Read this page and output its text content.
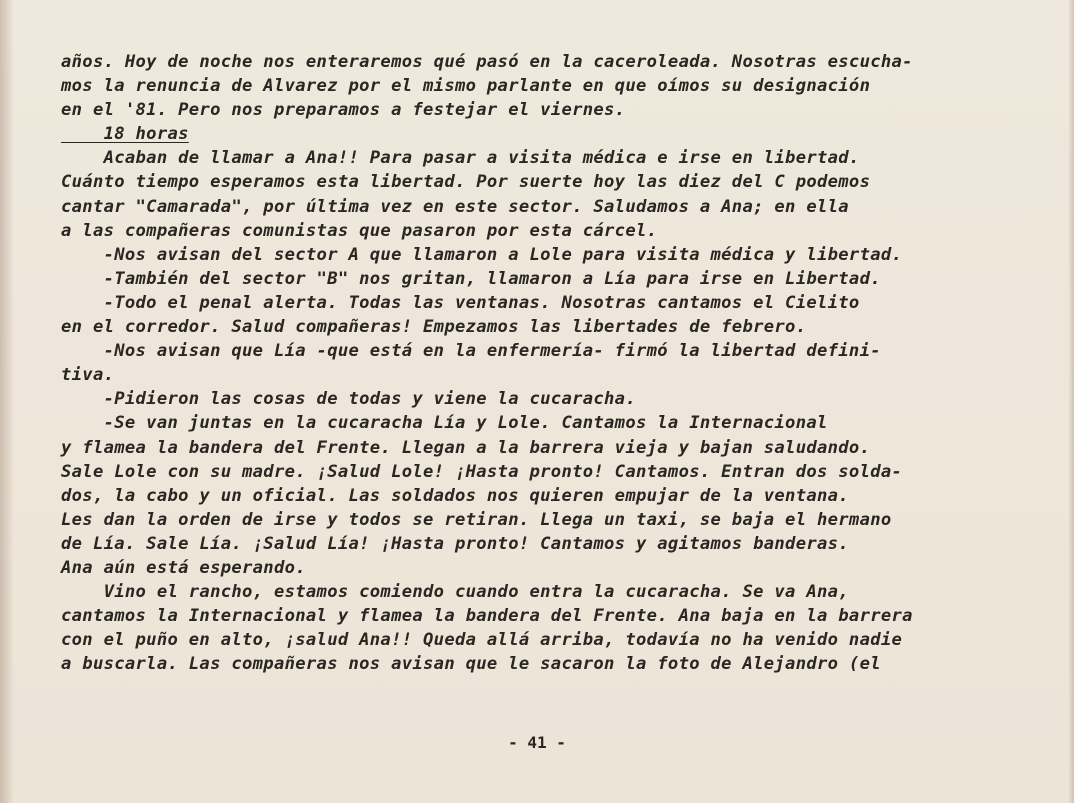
años. Hoy de noche nos enteraremos qué pasó en la caceroleada. Nosotras escucha-
mos la renuncia de Alvarez por el mismo parlante en que oímos su designación
en el '81. Pero nos preparamos a festejar el viernes.
18 horas
Acaban de llamar a Ana!! Para pasar a visita médica e irse en libertad.
Cuánto tiempo esperamos esta libertad. Por suerte hoy las diez del C podemos
cantar "Camarada", por última vez en este sector. Saludamos a Ana; en ella
a las compañeras comunistas que pasaron por esta cárcel.
-Nos avisan del sector A que llamaron a Lole para visita médica y libertad.
-También del sector "B" nos gritan, llamaron a Lía para irse en Libertad.
-Todo el penal alerta. Todas las ventanas. Nosotras cantamos el Cielito
en el corredor. Salud compañeras! Empezamos las libertades de febrero.
-Nos avisan que Lía -que está en la enfermería- firmó la libertad defini-
tiva.
-Pidieron las cosas de todas y viene la cucaracha.
-Se van juntas en la cucaracha Lía y Lole. Cantamos la Internacional
y flamea la bandera del Frente. Llegan a la barrera vieja y bajan saludando.
Sale Lole con su madre. ¡Salud Lole! ¡Hasta pronto! Cantamos. Entran dos solda-
dos, la cabo y un oficial. Las soldados nos quieren empujar de la ventana.
Les dan la orden de irse y todos se retiran. Llega un taxi, se baja el hermano
de Lía. Sale Lía. ¡Salud Lía! ¡Hasta pronto! Cantamos y agitamos banderas.
Ana aún está esperando.
Vino el rancho, estamos comiendo cuando entra la cucaracha. Se va Ana,
cantamos la Internacional y flamea la bandera del Frente. Ana baja en la barrera
con el puño en alto, ¡salud Ana!! Queda allá arriba, todavía no ha venido nadie
a buscarla. Las compañeras nos avisan que le sacaron la foto de Alejandro (el
- 41 -
